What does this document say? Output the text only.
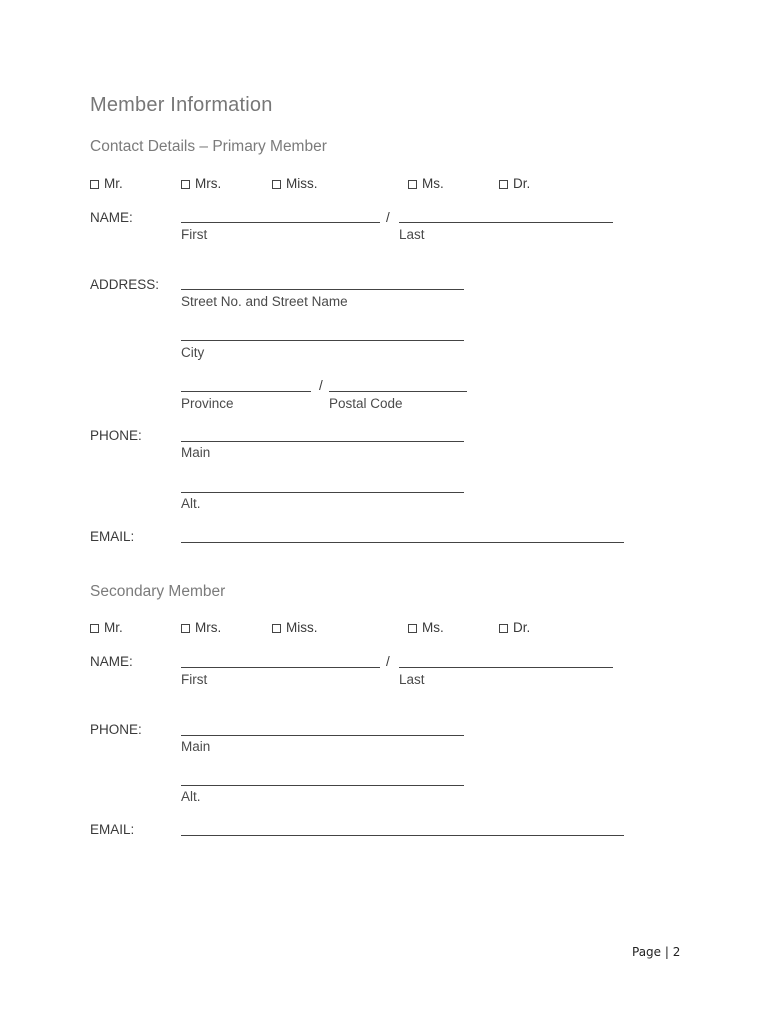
Member Information
Contact Details – Primary Member
Mr.	Mrs.	Miss.	Ms.	Dr.
NAME:	/
First	Last
ADDRESS:
Street No. and Street Name
City
/
Province	Postal Code
PHONE:
Main
Alt.
EMAIL:
Secondary Member
Mr.	Mrs.	Miss.	Ms.	Dr.
NAME:	/
First	Last
PHONE:
Main
Alt.
EMAIL:
Page | 2
